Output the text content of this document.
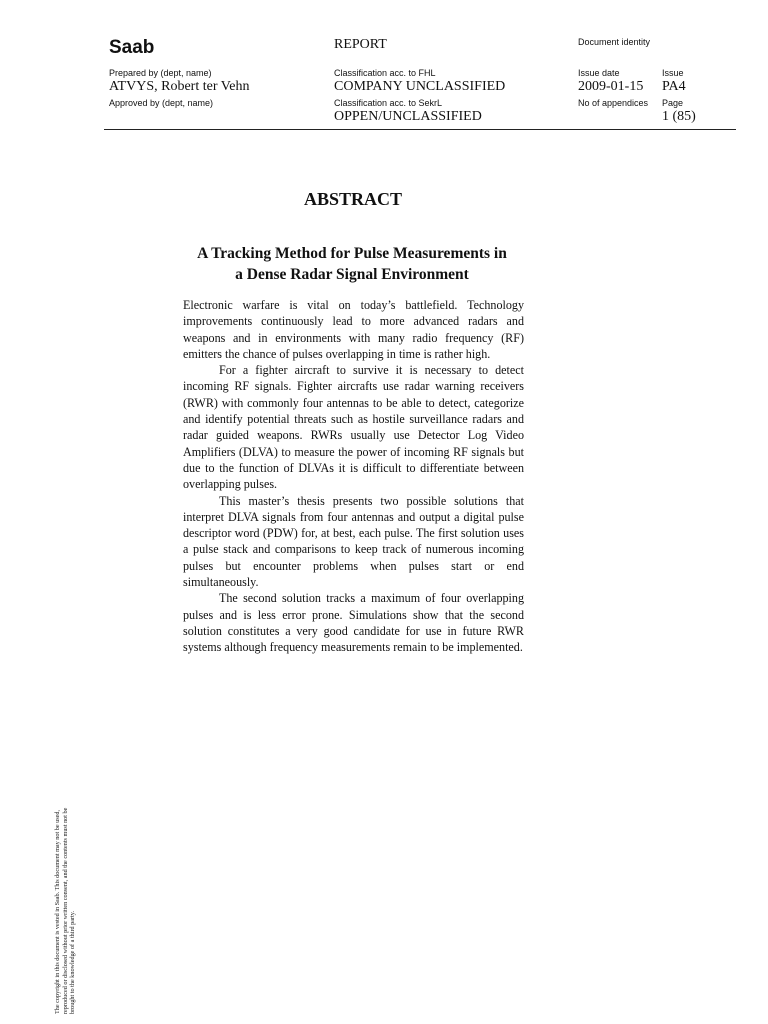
Saab	REPORT	Document identity
Prepared by (dept, name)
ATVYS, Robert ter Vehn
Approved by (dept, name)
Classification acc. to FHL
COMPANY UNCLASSIFIED
Classification acc. to SekrL
OPPEN/UNCLASSIFIED
Issue date
2009-01-15
No of appendices
Issue
PA4
Page
1 (85)
ABSTRACT
A Tracking Method for Pulse Measurements in
a Dense Radar Signal Environment

Electronic warfare is vital on today’s battlefield. Technology improvements continuously lead to more advanced radars and weapons and in environments with many radio frequency (RF) emitters the chance of pulses overlapping in time is rather high.

For a fighter aircraft to survive it is necessary to detect incoming RF signals. Fighter aircrafts use radar warning receivers (RWR) with commonly four antennas to be able to detect, categorize and identify potential threats such as hostile surveillance radars and radar guided weapons. RWRs usually use Detector Log Video Amplifiers (DLVA) to measure the power of incoming RF signals but due to the function of DLVAs it is difficult to differentiate between overlapping pulses.

This master’s thesis presents two possible solutions that interpret DLVA signals from four antennas and output a digital pulse descriptor word (PDW) for, at best, each pulse. The first solution uses a pulse stack and comparisons to keep track of numerous incoming pulses but encounter problems when pulses start or end simultaneously.

The second solution tracks a maximum of four overlapping pulses and is less error prone. Simulations show that the second solution constitutes a very good candidate for use in future RWR systems although frequency measurements remain to be implemented.

The copyright in this document is vested in Saab. This document may not be used, reproduced or disclosed without prior written consent, and the contents must not be brought to the knowledge of a third party.
